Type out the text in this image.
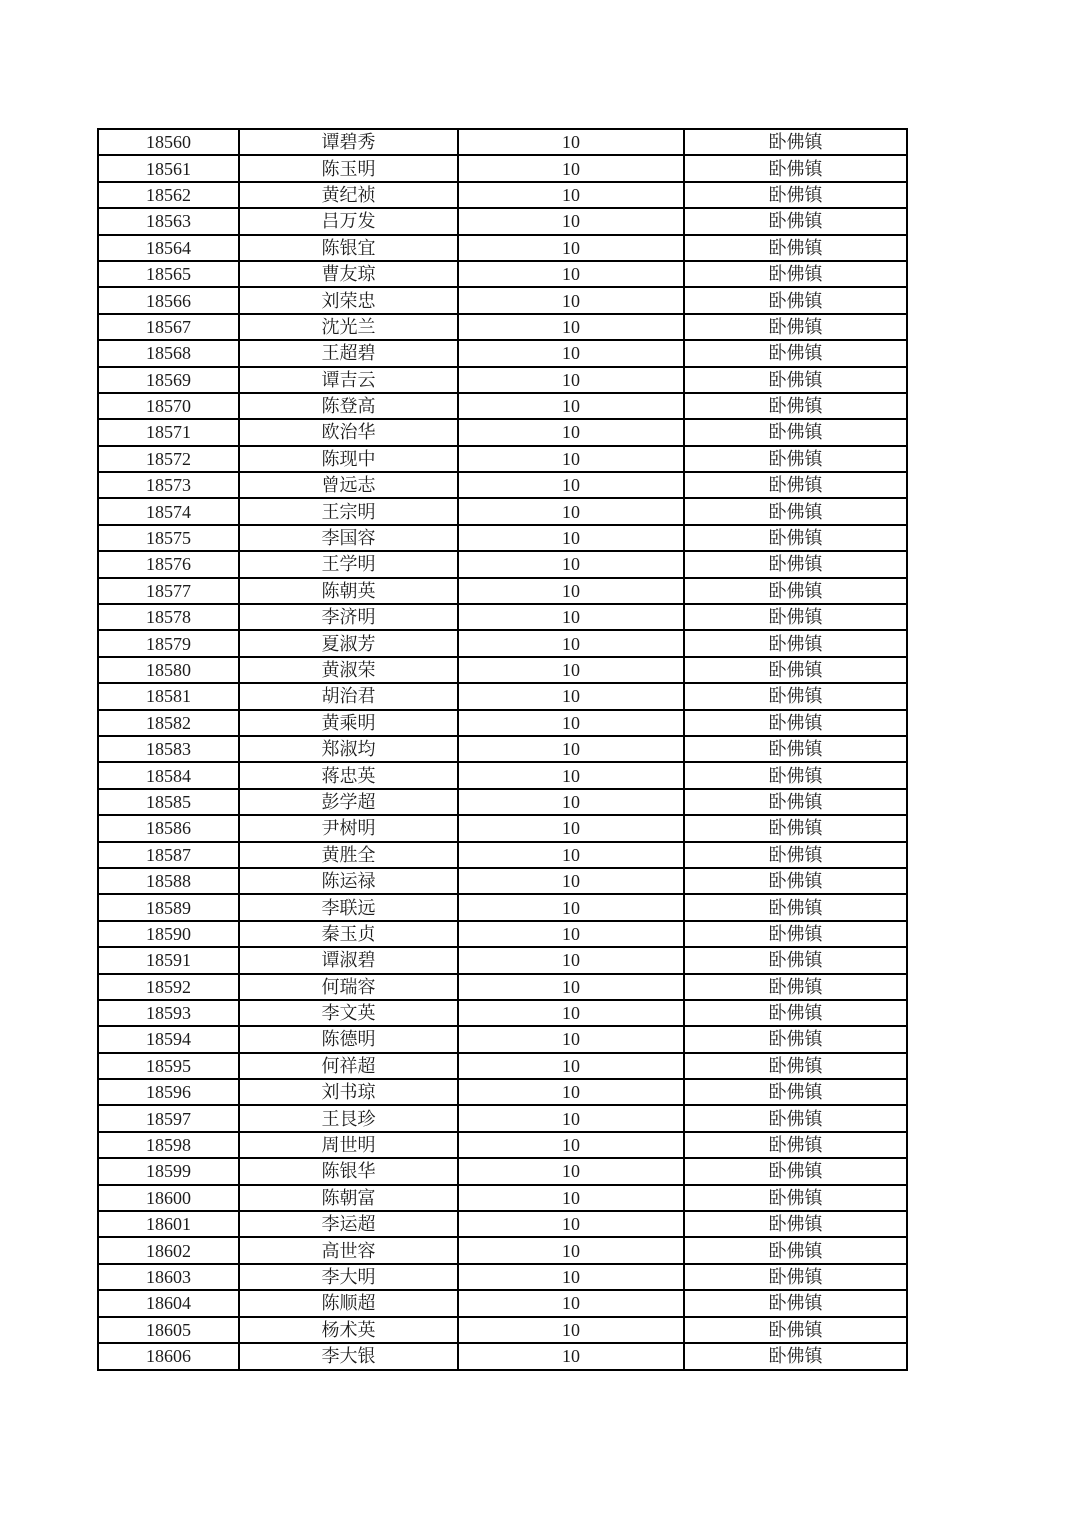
18560	谭碧秀	10	卧佛镇
18561	陈玉明	10	卧佛镇
18562	黄纪祯	10	卧佛镇
18563	吕万发	10	卧佛镇
18564	陈银宜	10	卧佛镇
18565	曹友琼	10	卧佛镇
18566	刘荣忠	10	卧佛镇
18567	沈光兰	10	卧佛镇
18568	王超碧	10	卧佛镇
18569	谭吉云	10	卧佛镇
18570	陈登高	10	卧佛镇
18571	欧治华	10	卧佛镇
18572	陈现中	10	卧佛镇
18573	曾远志	10	卧佛镇
18574	王宗明	10	卧佛镇
18575	李国容	10	卧佛镇
18576	王学明	10	卧佛镇
18577	陈朝英	10	卧佛镇
18578	李济明	10	卧佛镇
18579	夏淑芳	10	卧佛镇
18580	黄淑荣	10	卧佛镇
18581	胡治君	10	卧佛镇
18582	黄乘明	10	卧佛镇
18583	郑淑均	10	卧佛镇
18584	蒋忠英	10	卧佛镇
18585	彭学超	10	卧佛镇
18586	尹树明	10	卧佛镇
18587	黄胜全	10	卧佛镇
18588	陈运禄	10	卧佛镇
18589	李联远	10	卧佛镇
18590	秦玉贞	10	卧佛镇
18591	谭淑碧	10	卧佛镇
18592	何瑞容	10	卧佛镇
18593	李文英	10	卧佛镇
18594	陈德明	10	卧佛镇
18595	何祥超	10	卧佛镇
18596	刘书琼	10	卧佛镇
18597	王艮珍	10	卧佛镇
18598	周世明	10	卧佛镇
18599	陈银华	10	卧佛镇
18600	陈朝富	10	卧佛镇
18601	李运超	10	卧佛镇
18602	高世容	10	卧佛镇
18603	李大明	10	卧佛镇
18604	陈顺超	10	卧佛镇
18605	杨术英	10	卧佛镇
18606	李大银	10	卧佛镇
